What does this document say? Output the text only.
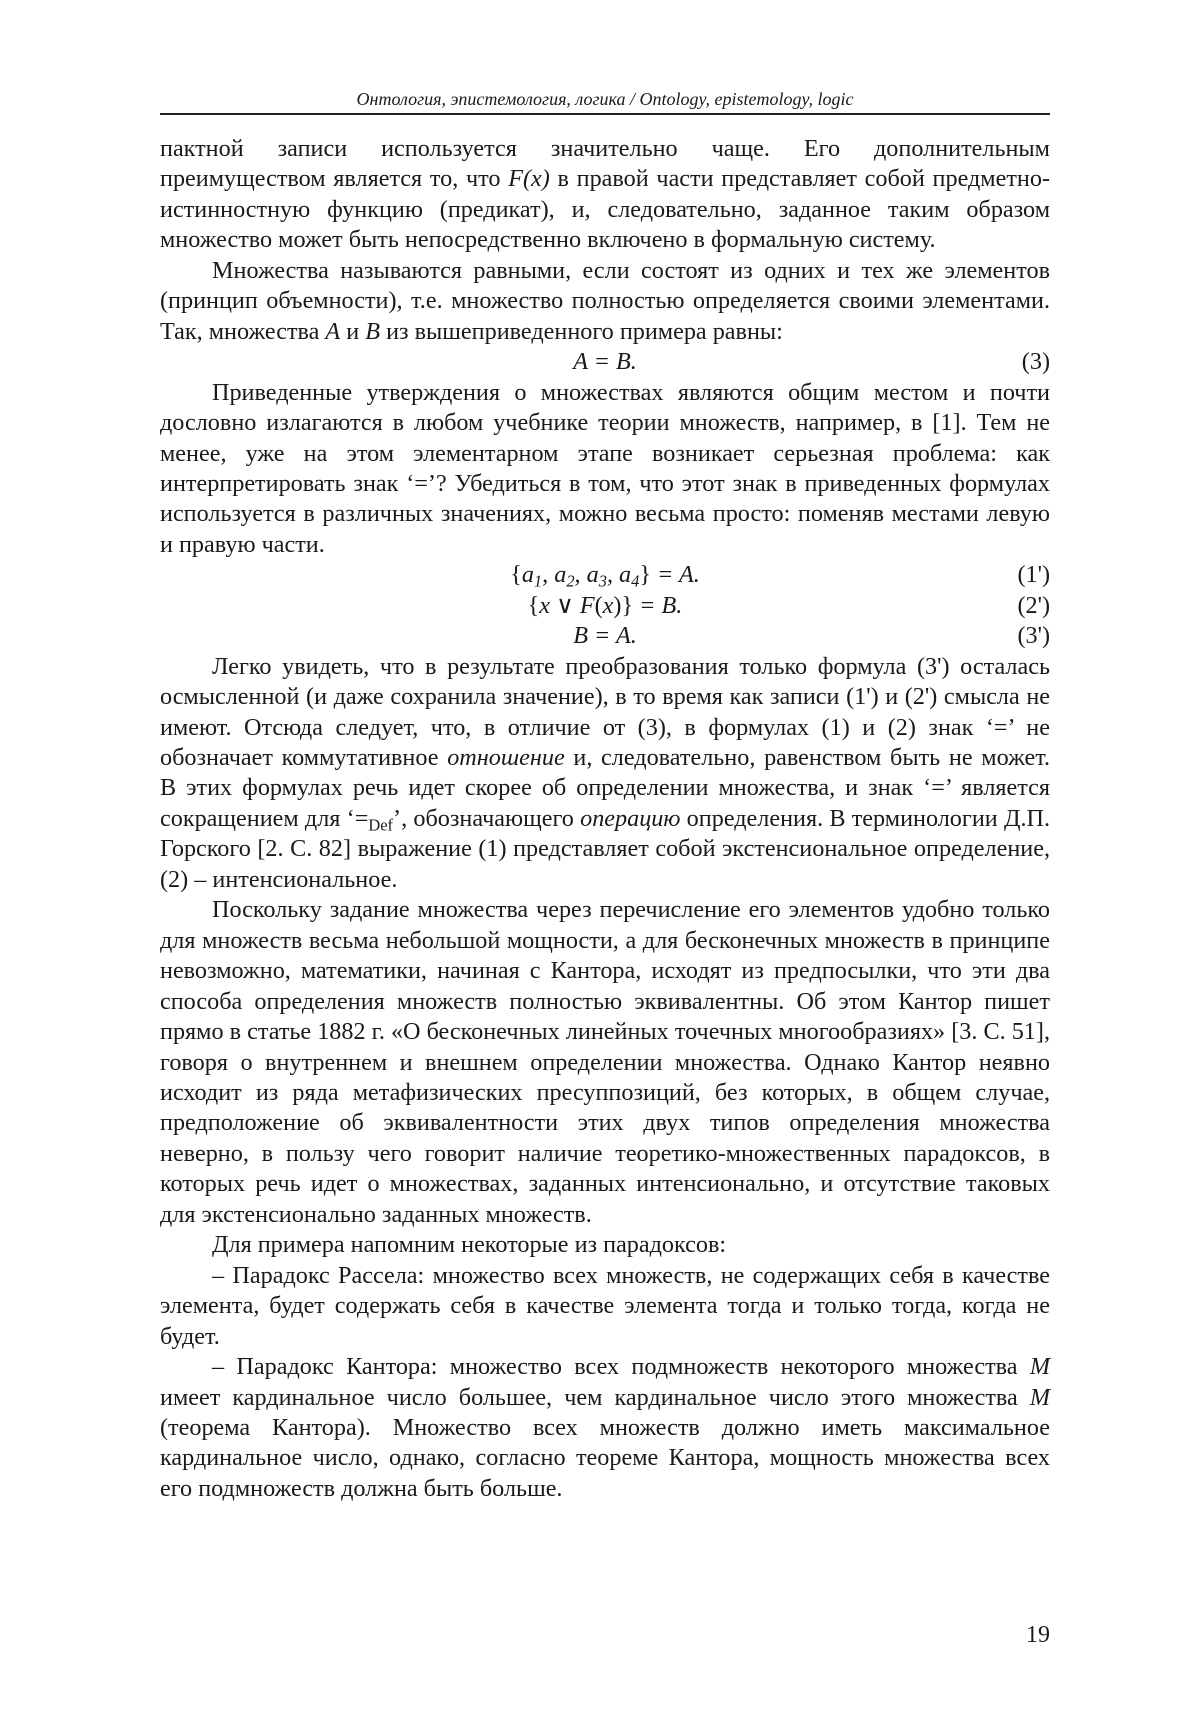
Онтология, эпистемология, логика / Ontology, epistemology, logic

пактной записи используется значительно чаще. Его дополнительным преимуществом является то, что F(x) в правой части представляет собой предметно-истинностную функцию (предикат), и, следовательно, заданное таким образом множество может быть непосредственно включено в формальную систему.

Множества называются равными, если состоят из одних и тех же элементов (принцип объемности), т.е. множество полностью определяется своими элементами. Так, множества A и B из вышеприведенного примера равны:

A = B.	(3)

Приведенные утверждения о множествах являются общим местом и почти дословно излагаются в любом учебнике теории множеств, например, в [1]. Тем не менее, уже на этом элементарном этапе возникает серьезная проблема: как интерпретировать знак ‘=’? Убедиться в том, что этот знак в приведенных формулах используется в различных значениях, можно весьма просто: поменяв местами левую и правую части.

{$a_1$, $a_2$, $a_3$, $a_4\} = A$.	(1')
{x ∨ F(x)} = B.	(2')
B = A.	(3')

Легко увидеть, что в результате преобразования только формула (3') осталась осмысленной (и даже сохранила значение), в то время как записи (1') и (2') смысла не имеют. Отсюда следует, что, в отличие от (3), в формулах (1) и (2) знак ‘=’ не обозначает коммутативное отношение и, следовательно, равенством быть не может. В этих формулах речь идет скорее об определении множества, и знак ‘=’ является сокращением для ‘$=_{Def}$’, обозначающего операцию определения. В терминологии Д.П. Горского [2. С. 82] выражение (1) представляет собой экстенсиональное определение, (2) – интенсиональное.

Поскольку задание множества через перечисление его элементов удобно только для множеств весьма небольшой мощности, а для бесконечных множеств в принципе невозможно, математики, начиная с Кантора, исходят из предпосылки, что эти два способа определения множеств полностью эквивалентны. Об этом Кантор пишет прямо в статье 1882 г. «О бесконечных линейных точечных многообразиях» [3. С. 51], говоря о внутреннем и внешнем определении множества. Однако Кантор неявно исходит из ряда метафизических пресуппозиций, без которых, в общем случае, предположение об эквивалентности этих двух типов определения множества неверно, в пользу чего говорит наличие теоретико-множественных парадоксов, в которых речь идет о множествах, заданных интенсионально, и отсутствие таковых для экстенсионально заданных множеств.

Для примера напомним некоторые из парадоксов:

– Парадокс Рассела: множество всех множеств, не содержащих себя в качестве элемента, будет содержать себя в качестве элемента тогда и только тогда, когда не будет.

– Парадокс Кантора: множество всех подмножеств некоторого множества M имеет кардинальное число большее, чем кардинальное число этого множества M (теорема Кантора). Множество всех множеств должно иметь максимальное кардинальное число, однако, согласно теореме Кантора, мощность множества всех его подмножеств должна быть больше.

19
